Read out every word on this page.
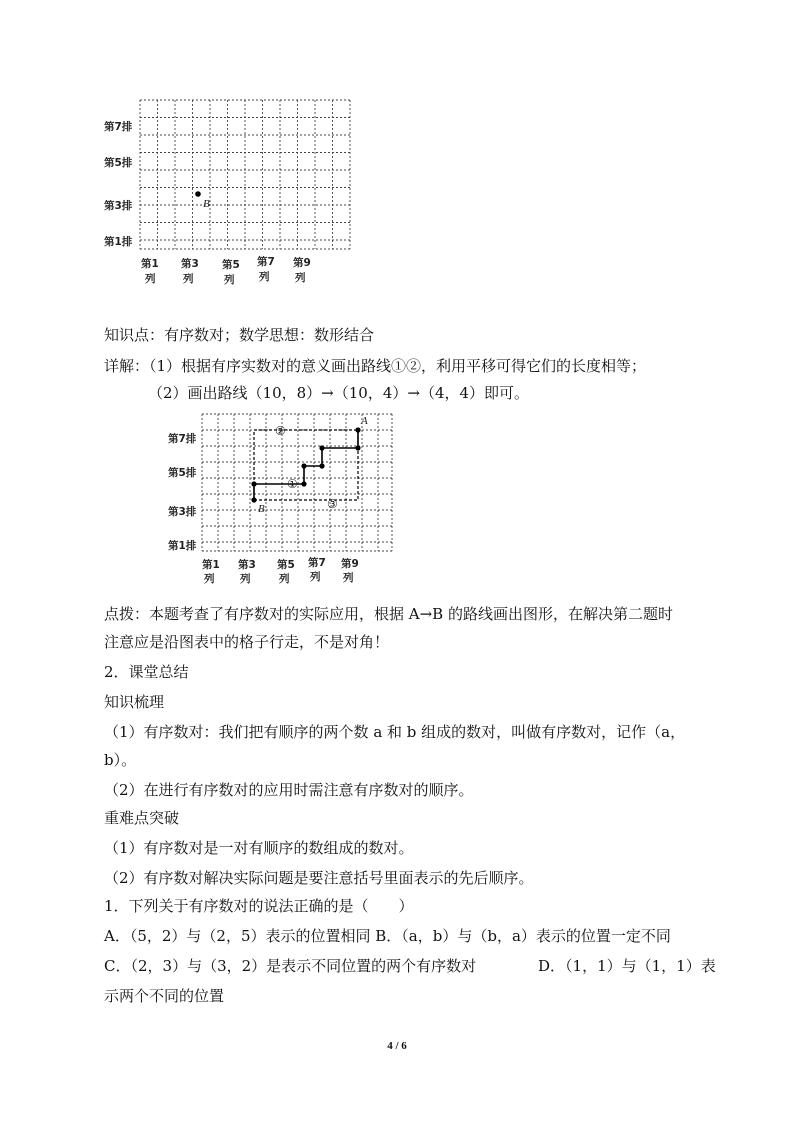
第7排
第5排
第3排
第1排
第1
列
第3
列
第5
列
第7
列
第9
列
B
知识点：有序数对；数学思想：数形结合
详解：（1）根据有序实数对的意义画出路线①②，利用平移可得它们的长度相等；
（2）画出路线（10，8）→（10，4）→（4，4）即可。
A
B
②
①
③
第7排
第5排
第3排
第1排
第1
列
第3
列
第5
列
第7
列
第9
列
点拨：本题考查了有序数对的实际应用，根据 A→B 的路线画出图形，在解决第二题时
注意应是沿图表中的格子行走，不是对角！
2．课堂总结
知识梳理
（1）有序数对：我们把有顺序的两个数 a 和 b 组成的数对，叫做有序数对，记作（a，
b）。
（2）在进行有序数对的应用时需注意有序数对的顺序。
重难点突破
（1）有序数对是一对有顺序的数组成的数对。
（2）有序数对解决实际问题是要注意括号里面表示的先后顺序。
1．下列关于有序数对的说法正确的是（　　）
A．（5，2）与（2，5）表示的位置相同 B．（a，b）与（b，a）表示的位置一定不同
C．（2，3）与（3，2）是表示不同位置的两个有序数对	D．（1，1）与（1，1）表
示两个不同的位置
4 / 6
